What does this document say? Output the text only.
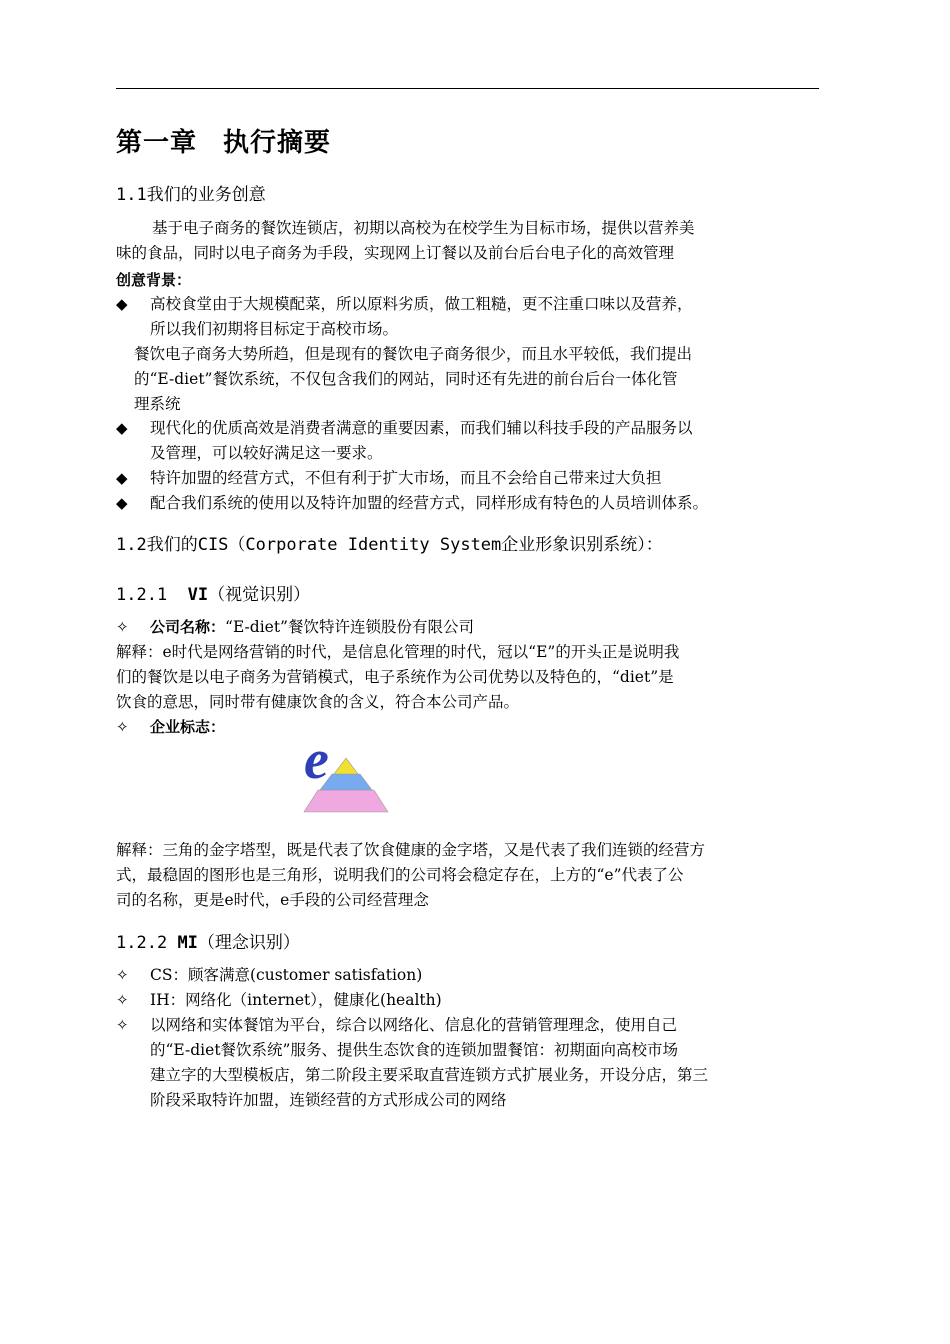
第一章 执行摘要
1.1我们的业务创意
基于电子商务的餐饮连锁店，初期以高校为在校学生为目标市场，提供以营养美
味的食品，同时以电子商务为手段，实现网上订餐以及前台后台电子化的高效管理
创意背景：
◆	高校食堂由于大规模配菜，所以原料劣质，做工粗糙，更不注重口味以及营养，
所以我们初期将目标定于高校市场。
餐饮电子商务大势所趋，但是现有的餐饮电子商务很少，而且水平较低，我们提出
的“E-diet”餐饮系统，不仅包含我们的网站，同时还有先进的前台后台一体化管
理系统
◆	现代化的优质高效是消费者满意的重要因素，而我们辅以科技手段的产品服务以
及管理，可以较好满足这一要求。
◆	特许加盟的经营方式，不但有利于扩大市场，而且不会给自己带来过大负担
◆	配合我们系统的使用以及特许加盟的经营方式，同样形成有特色的人员培训体系。
1.2我们的CIS（Corporate Identity System企业形象识别系统）：
1.2.1 VI（视觉识别）
✧	公司名称：“E-diet”餐饮特许连锁股份有限公司
解释：e时代是网络营销的时代，是信息化管理的时代，冠以“E”的开头正是说明我
们的餐饮是以电子商务为营销模式，电子系统作为公司优势以及特色的，“diet”是
饮食的意思，同时带有健康饮食的含义，符合本公司产品。
✧	企业标志：
e
解释：三角的金字塔型，既是代表了饮食健康的金字塔，又是代表了我们连锁的经营方
式，最稳固的图形也是三角形，说明我们的公司将会稳定存在，上方的“e”代表了公
司的名称，更是e时代，e手段的公司经营理念
1.2.2 MI（理念识别）
✧	CS：顾客满意(customer satisfation)
✧	IH：网络化（internet），健康化(health)
✧	以网络和实体餐馆为平台，综合以网络化、信息化的营销管理理念，使用自己
的“E-diet餐饮系统”服务、提供生态饮食的连锁加盟餐馆：初期面向高校市场
建立字的大型模板店，第二阶段主要采取直营连锁方式扩展业务，开设分店，第三
阶段采取特许加盟，连锁经营的方式形成公司的网络
